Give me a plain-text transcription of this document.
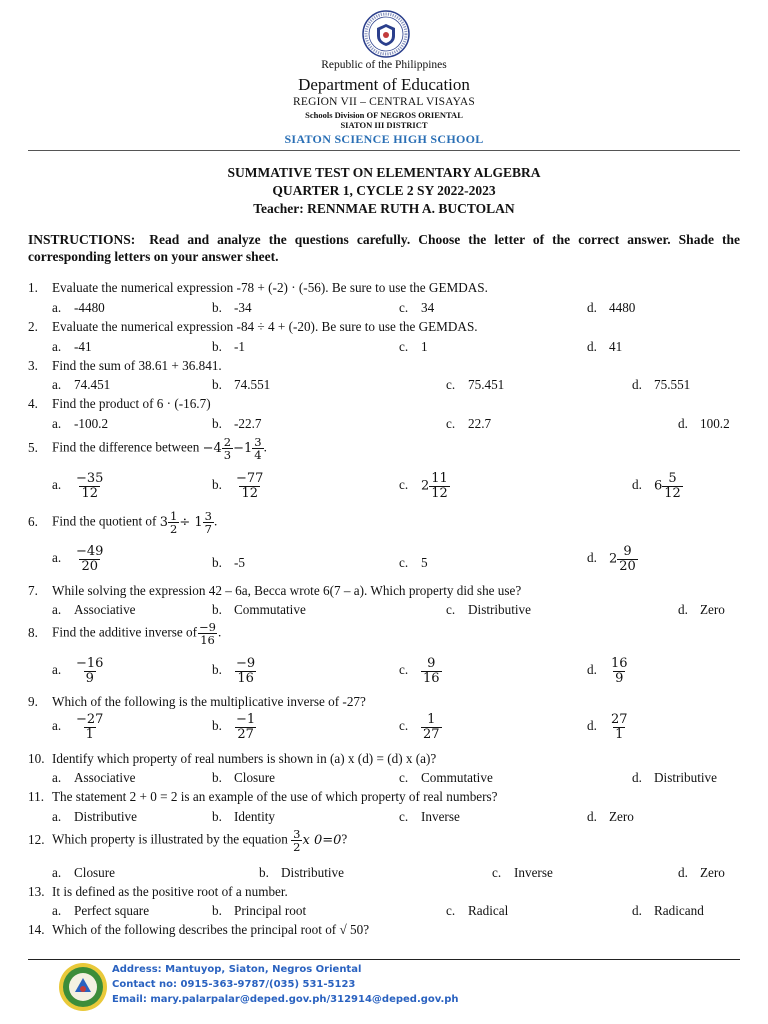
Republic of the Philippines
Department of Education
REGION VII – CENTRAL VISAYAS
Schools Division OF NEGROS ORIENTAL
SIATON III DISTRICT
SIATON SCIENCE HIGH SCHOOL
SUMMATIVE TEST ON ELEMENTARY ALGEBRA
QUARTER 1, CYCLE 2 SY 2022-2023
Teacher: RENNMAE RUTH A. BUCTOLAN
INSTRUCTIONS: Read and analyze the questions carefully. Choose the letter of the correct answer. Shade the corresponding letters on your answer sheet.
1. Evaluate the numerical expression -78 + (-2) · (-56). Be sure to use the GEMDAS.
a. -4480	b. -34	c. 34	d. 4480
2. Evaluate the numerical expression -84 ÷ 4 + (-20). Be sure to use the GEMDAS.
a. -41	b. -1	c. 1	d. 41
3. Find the sum of 38.61 + 36.841.
a. 74.451	b. 74.551	c. 75.451	d. 75.551
4. Find the product of 6 · (-16.7)
a. -100.2	b. -22.7	c. 22.7	d. 100.2
5. Find the difference between $-4 \frac{2}{3} -1 \frac{3}{4}$ .
a. $\frac{-35}{12}$	b. $\frac{-77}{12}$	c. $2 \frac{11}{12}$	d. $6 \frac{5}{12}$
6. Find the quotient of $3 \frac{1}{2} \div 1 \frac{3}{7}$ .
a. $\frac{-49}{20}$	b. -5	c. 5	d. $2 \frac{9}{20}$
7. While solving the expression 42 – 6a, Becca wrote 6(7 – a). Which property did she use?
a. Associative	b. Commutative	c. Distributive	d. Zero
8. Find the additive inverse of $\frac{-9}{16}$ .
a. $\frac{-16}{9}$	b. $\frac{-9}{16}$	c. $\frac{9}{16}$	d. $\frac{16}{9}$
9. Which of the following is the multiplicative inverse of -27?
a. $\frac{-27}{1}$	b. $\frac{-1}{27}$	c. $\frac{1}{27}$	d. $\frac{27}{1}$
10. Identify which property of real numbers is shown in (a) x (d) = (d) x (a)?
a. Associative	b. Closure	c. Commutative	d. Distributive
11. The statement 2 + 0 = 2 is an example of the use of which property of real numbers?
a. Distributive	b. Identity	c. Inverse	d. Zero
12. Which property is illustrated by the equation $\frac{3}{2}$ x 0=0?
a. Closure	b. Distributive	c. Inverse	d. Zero
13. It is defined as the positive root of a number.
a. Perfect square	b. Principal root	c. Radical	d. Radicand
14. Which of the following describes the principal root of √ 50?
Address: Mantuyop, Siaton, Negros Oriental
Contact no: 0915-363-9787/(035) 531-5123
Email: mary.palarpalar@deped.gov.ph/312914@deped.gov.ph
